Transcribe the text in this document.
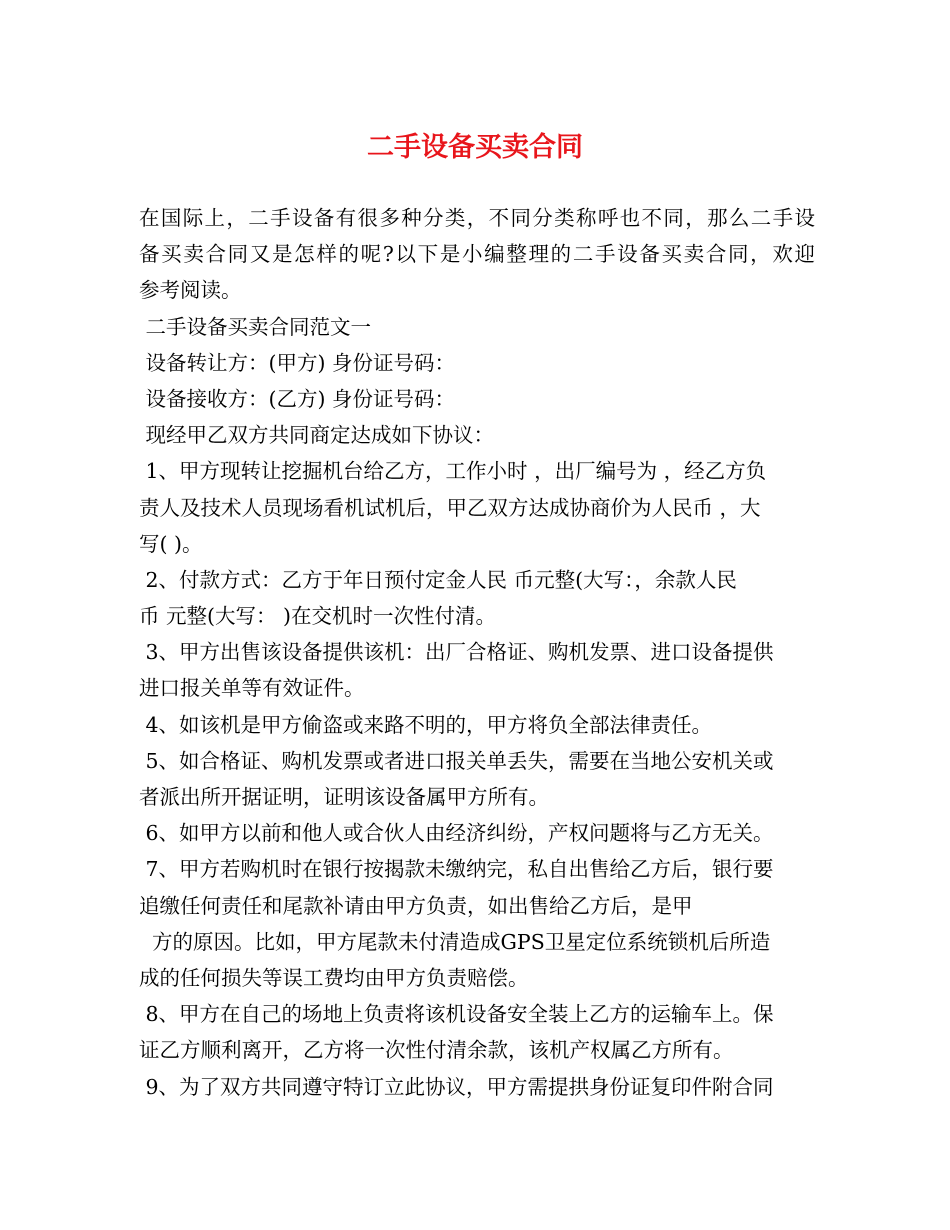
二手设备买卖合同
在国际上，二手设备有很多种分类，不同分类称呼也不同，那么二手设
备买卖合同又是怎样的呢?以下是小编整理的二手设备买卖合同，欢迎
参考阅读。
二手设备买卖合同范文一
设备转让方：(甲方) 身份证号码：
设备接收方：(乙方) 身份证号码：
现经甲乙双方共同商定达成如下协议：
1、甲方现转让挖掘机台给乙方，工作小时 ，出厂编号为 ，经乙方负
责人及技术人员现场看机试机后，甲乙双方达成协商价为人民币 ，大
写( )。
2、付款方式：乙方于年日预付定金人民 币元整(大写：，余款人民
币 元整(大写： )在交机时一次性付清。
3、甲方出售该设备提供该机：出厂合格证、购机发票、进口设备提供
进口报关单等有效证件。
4、如该机是甲方偷盗或来路不明的，甲方将负全部法律责任。
5、如合格证、购机发票或者进口报关单丢失，需要在当地公安机关或
者派出所开据证明，证明该设备属甲方所有。
6、如甲方以前和他人或合伙人由经济纠纷，产权问题将与乙方无关。
7、甲方若购机时在银行按揭款未缴纳完，私自出售给乙方后，银行要
追缴任何责任和尾款补请由甲方负责，如出售给乙方后，是甲
方的原因。比如，甲方尾款未付清造成GPS卫星定位系统锁机后所造
成的任何损失等误工费均由甲方负责赔偿。
8、甲方在自己的场地上负责将该机设备安全装上乙方的运输车上。保
证乙方顺利离开，乙方将一次性付清余款，该机产权属乙方所有。
9、为了双方共同遵守特订立此协议，甲方需提拱身份证复印件附合同
